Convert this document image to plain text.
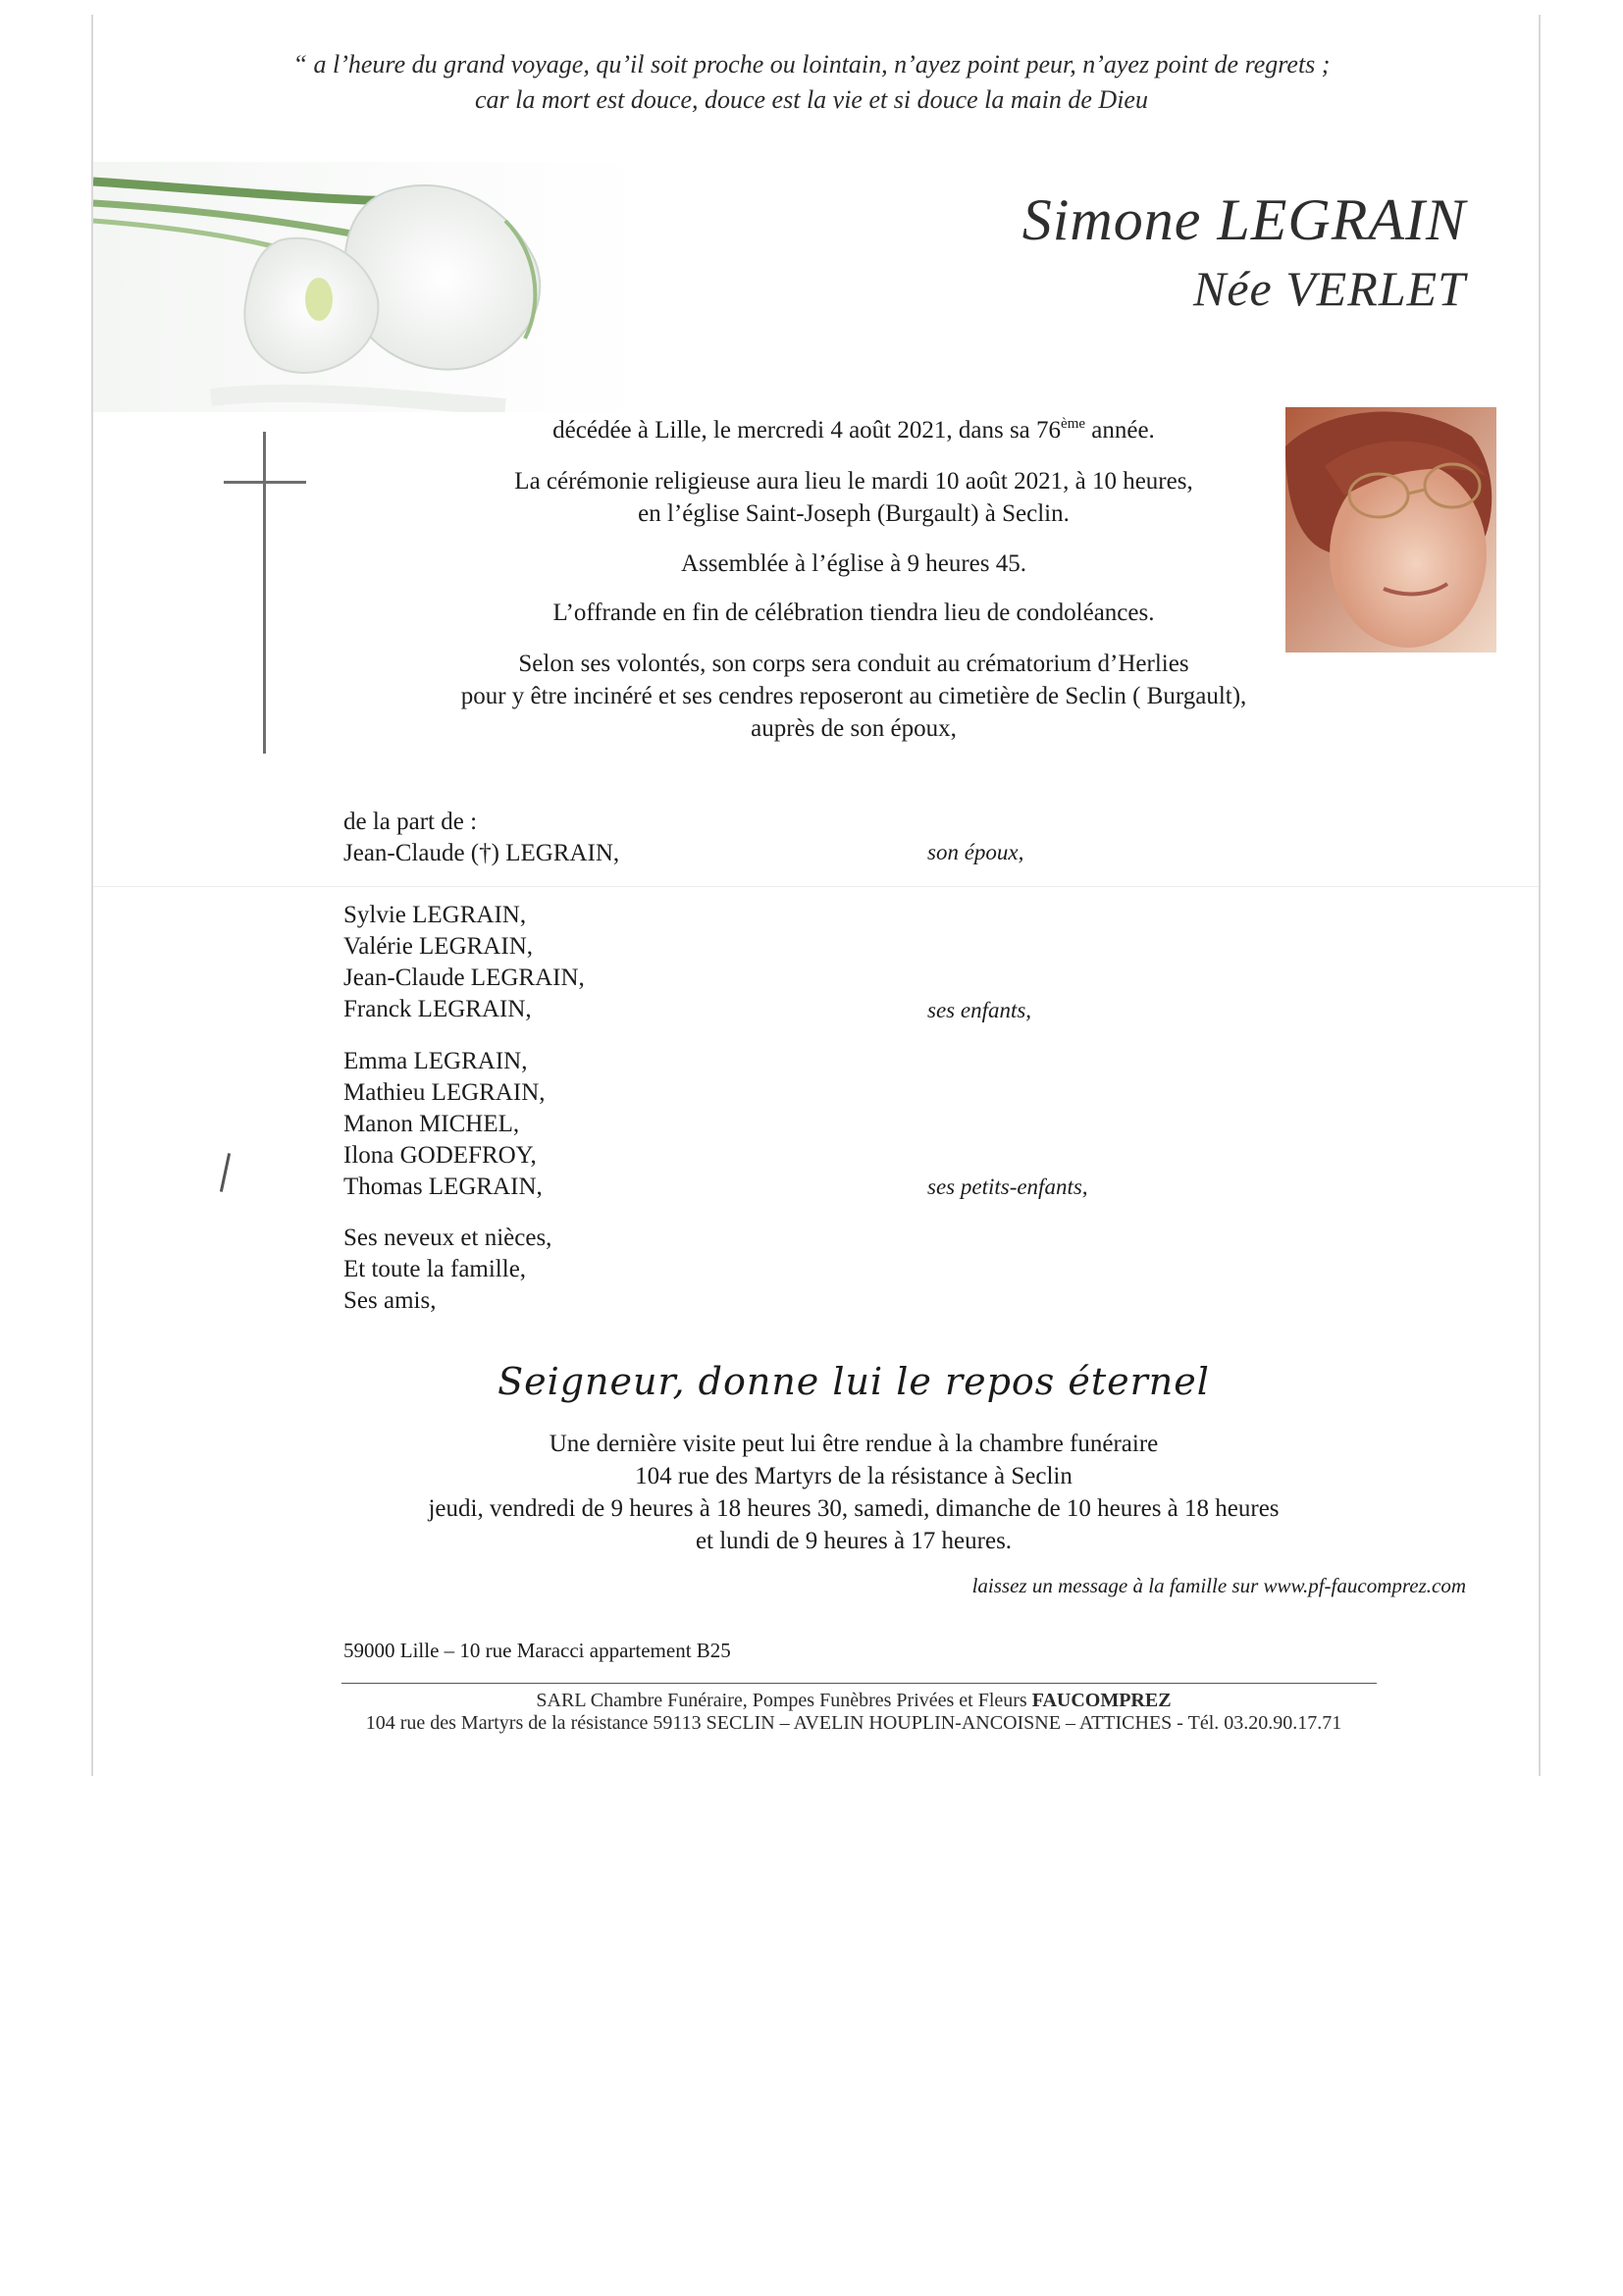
“ a l’heure du grand voyage, qu’il soit proche ou lointain, n’ayez point peur, n’ayez point de regrets ;
car la mort est douce, douce est la vie et si douce la main de Dieu
Simone LEGRAIN
Née VERLET
décédée à Lille, le mercredi 4 août 2021, dans sa 76ème année.
La cérémonie religieuse aura lieu le mardi 10 août 2021, à 10 heures,
en l’église Saint-Joseph (Burgault) à Seclin.
Assemblée à l’église à 9 heures 45.
L’offrande en fin de célébration tiendra lieu de condoléances.
Selon ses volontés, son corps sera conduit au crématorium d’Herlies
pour y être incinéré et ses cendres reposeront au cimetière de Seclin ( Burgault),
auprès de son époux,
de la part de :
Jean-Claude (†) LEGRAIN,	son époux,
Sylvie LEGRAIN,
Valérie LEGRAIN,
Jean-Claude LEGRAIN,
Franck LEGRAIN,	ses enfants,
Emma LEGRAIN,
Mathieu LEGRAIN,
Manon MICHEL,
Ilona GODEFROY,
Thomas LEGRAIN,	ses petits-enfants,
Ses neveux et nièces,
Et toute la famille,
Ses amis,
Seigneur, donne lui le repos éternel
Une dernière visite peut lui être rendue à la chambre funéraire
104 rue des Martyrs de la résistance à Seclin
jeudi, vendredi de 9 heures à 18 heures 30, samedi, dimanche de 10 heures à 18 heures
et lundi de 9 heures à 17 heures.
laissez un message à la famille sur www.pf-faucomprez.com
59000 Lille – 10 rue Maracci appartement B25
SARL Chambre Funéraire, Pompes Funèbres Privées et Fleurs FAUCOMPREZ
104 rue des Martyrs de la résistance 59113 SECLIN – AVELIN HOUPLIN-ANCOISNE – ATTICHES - Tél. 03.20.90.17.71
